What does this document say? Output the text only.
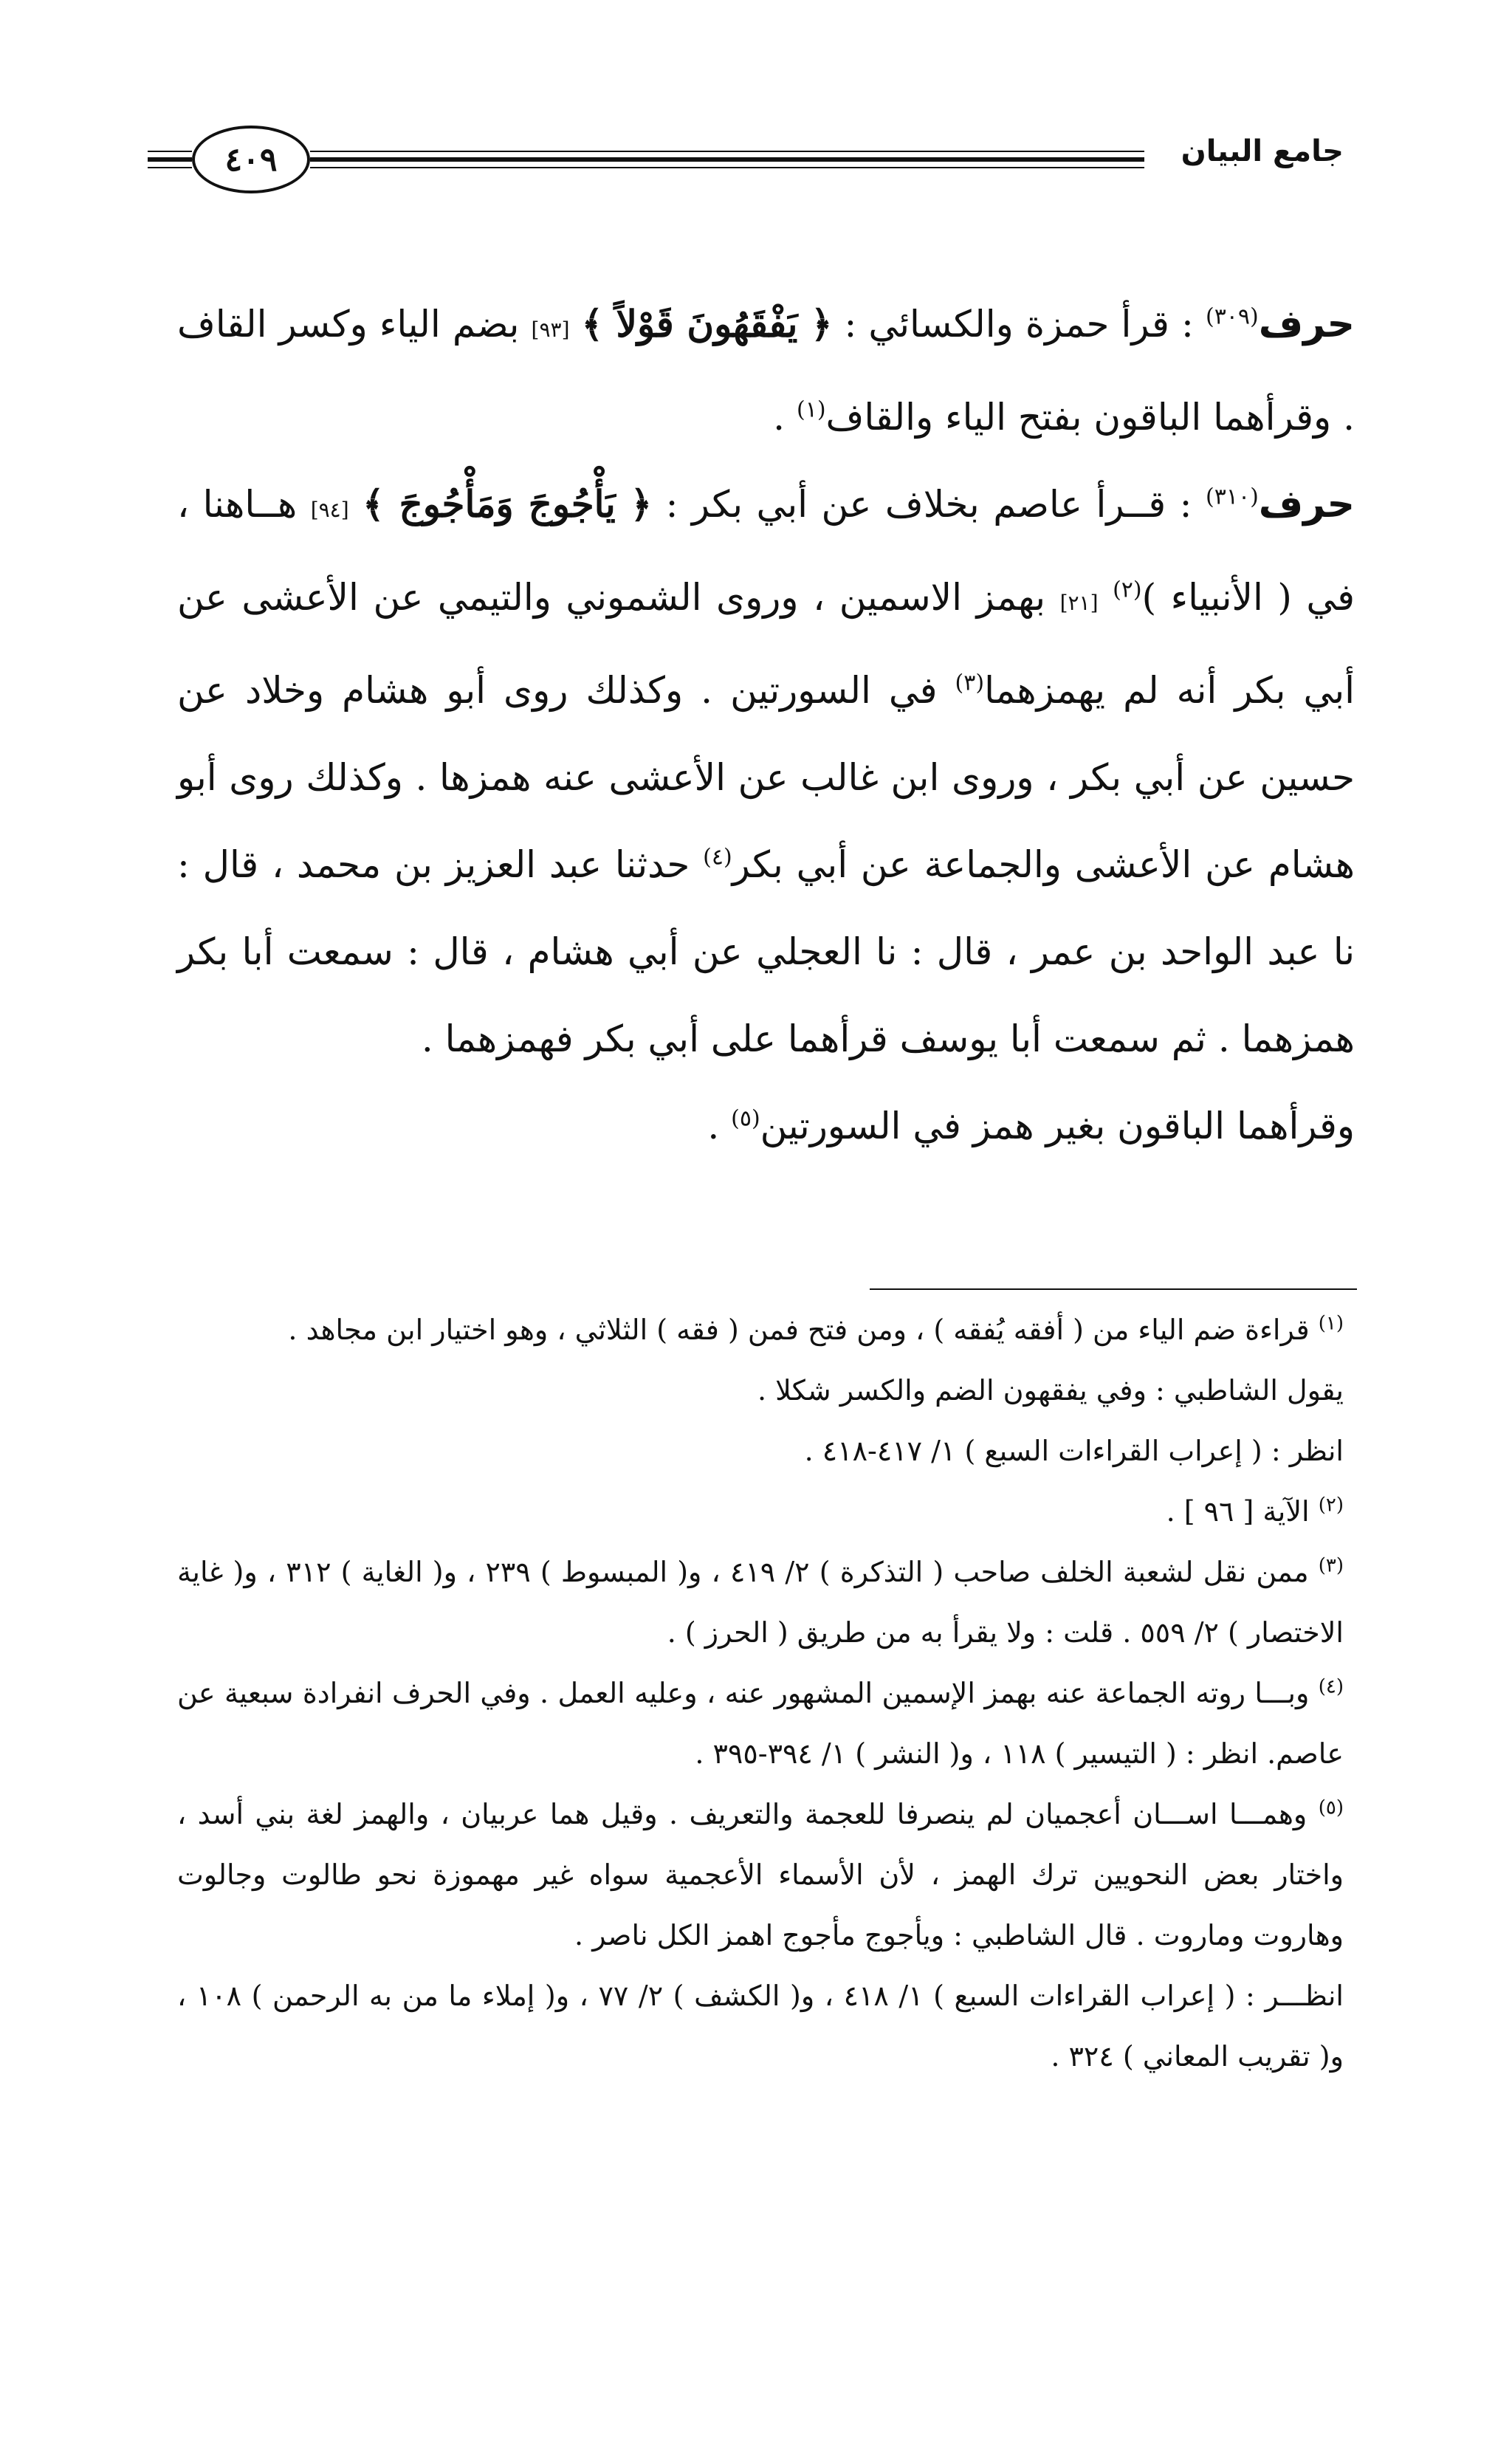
٤٠٩	جامع البيان

حرف$^{(٣٠٩)}$ : قرأ حمزة والكسائي : ﴿ يَفْقَهُونَ قَوْلاً ﴾ [٩٣] بضم الياء وكسر القاف . وقرأهما الباقون بفتح الياء والقاف$^{(١)}$ .

حرف$^{(٣١٠)}$ : قــرأ عاصم بخلاف عن أبي بكر : ﴿ يَأْجُوجَ وَمَأْجُوجَ ﴾ [٩٤] هــاهنا ، في ( الأنبياء )$^{(٢)}$ [٢١] بهمز الاسمين ، وروى الشموني والتيمي عن الأعشى عن أبي بكر أنه لم يهمزهما$^{(٣)}$ في السورتين . وكذلك روى أبو هشام وخلاد عن حسين عن أبي بكر ، وروى ابن غالب عن الأعشى عنه همزها . وكذلك روى أبو هشام عن الأعشى والجماعة عن أبي بكر$^{(٤)}$ حدثنا عبد العزيز بن محمد ، قال : نا عبد الواحد بن عمر ، قال : نا العجلي عن أبي هشام ، قال : سمعت أبا بكر همزهما . ثم سمعت أبا يوسف قرأهما على أبي بكر فهمزهما .

وقرأهما الباقون بغير همز في السورتين$^{(٥)}$ .

$^{(١)}$ قراءة ضم الياء من ( أفقه يُفقه ) ، ومن فتح فمن ( فقه ) الثلاثي ، وهو اختيار ابن مجاهد .

يقول الشاطبي : وفي يفقهون الضم والكسر شكلا .

انظر : ( إعراب القراءات السبع ) ١/ ٤١٧-٤١٨ .

$^{(٢)}$ الآية [ ٩٦ ] .

$^{(٣)}$ ممن نقل لشعبة الخلف صاحب ( التذكرة ) ٢/ ٤١٩ ، و( المبسوط ) ٢٣٩ ، و( الغاية ) ٣١٢ ، و( غاية الاختصار ) ٢/ ٥٥٩ . قلت : ولا يقرأ به من طريق ( الحرز ) .

$^{(٤)}$ وبـــا روته الجماعة عنه بهمز الإسمين المشهور عنه ، وعليه العمل . وفي الحرف انفرادة سبعية عن عاصم. انظر : ( التيسير ) ١١٨ ، و( النشر ) ١/ ٣٩٤-٣٩٥ .

$^{(٥)}$ وهمـــا اســـان أعجميان لم ينصرفا للعجمة والتعريف . وقيل هما عربيان ، والهمز لغة بني أسد ، واختار بعض النحويين ترك الهمز ، لأن الأسماء الأعجمية سواه غير مهموزة نحو طالوت وجالوت وهاروت وماروت . قال الشاطبي : ويأجوج مأجوج اهمز الكل ناصر .

انظـــر : ( إعراب القراءات السبع ) ١/ ٤١٨ ، و( الكشف ) ٢/ ٧٧ ، و( إملاء ما من به الرحمن ) ١٠٨ ، و( تقريب المعاني ) ٣٢٤ .
